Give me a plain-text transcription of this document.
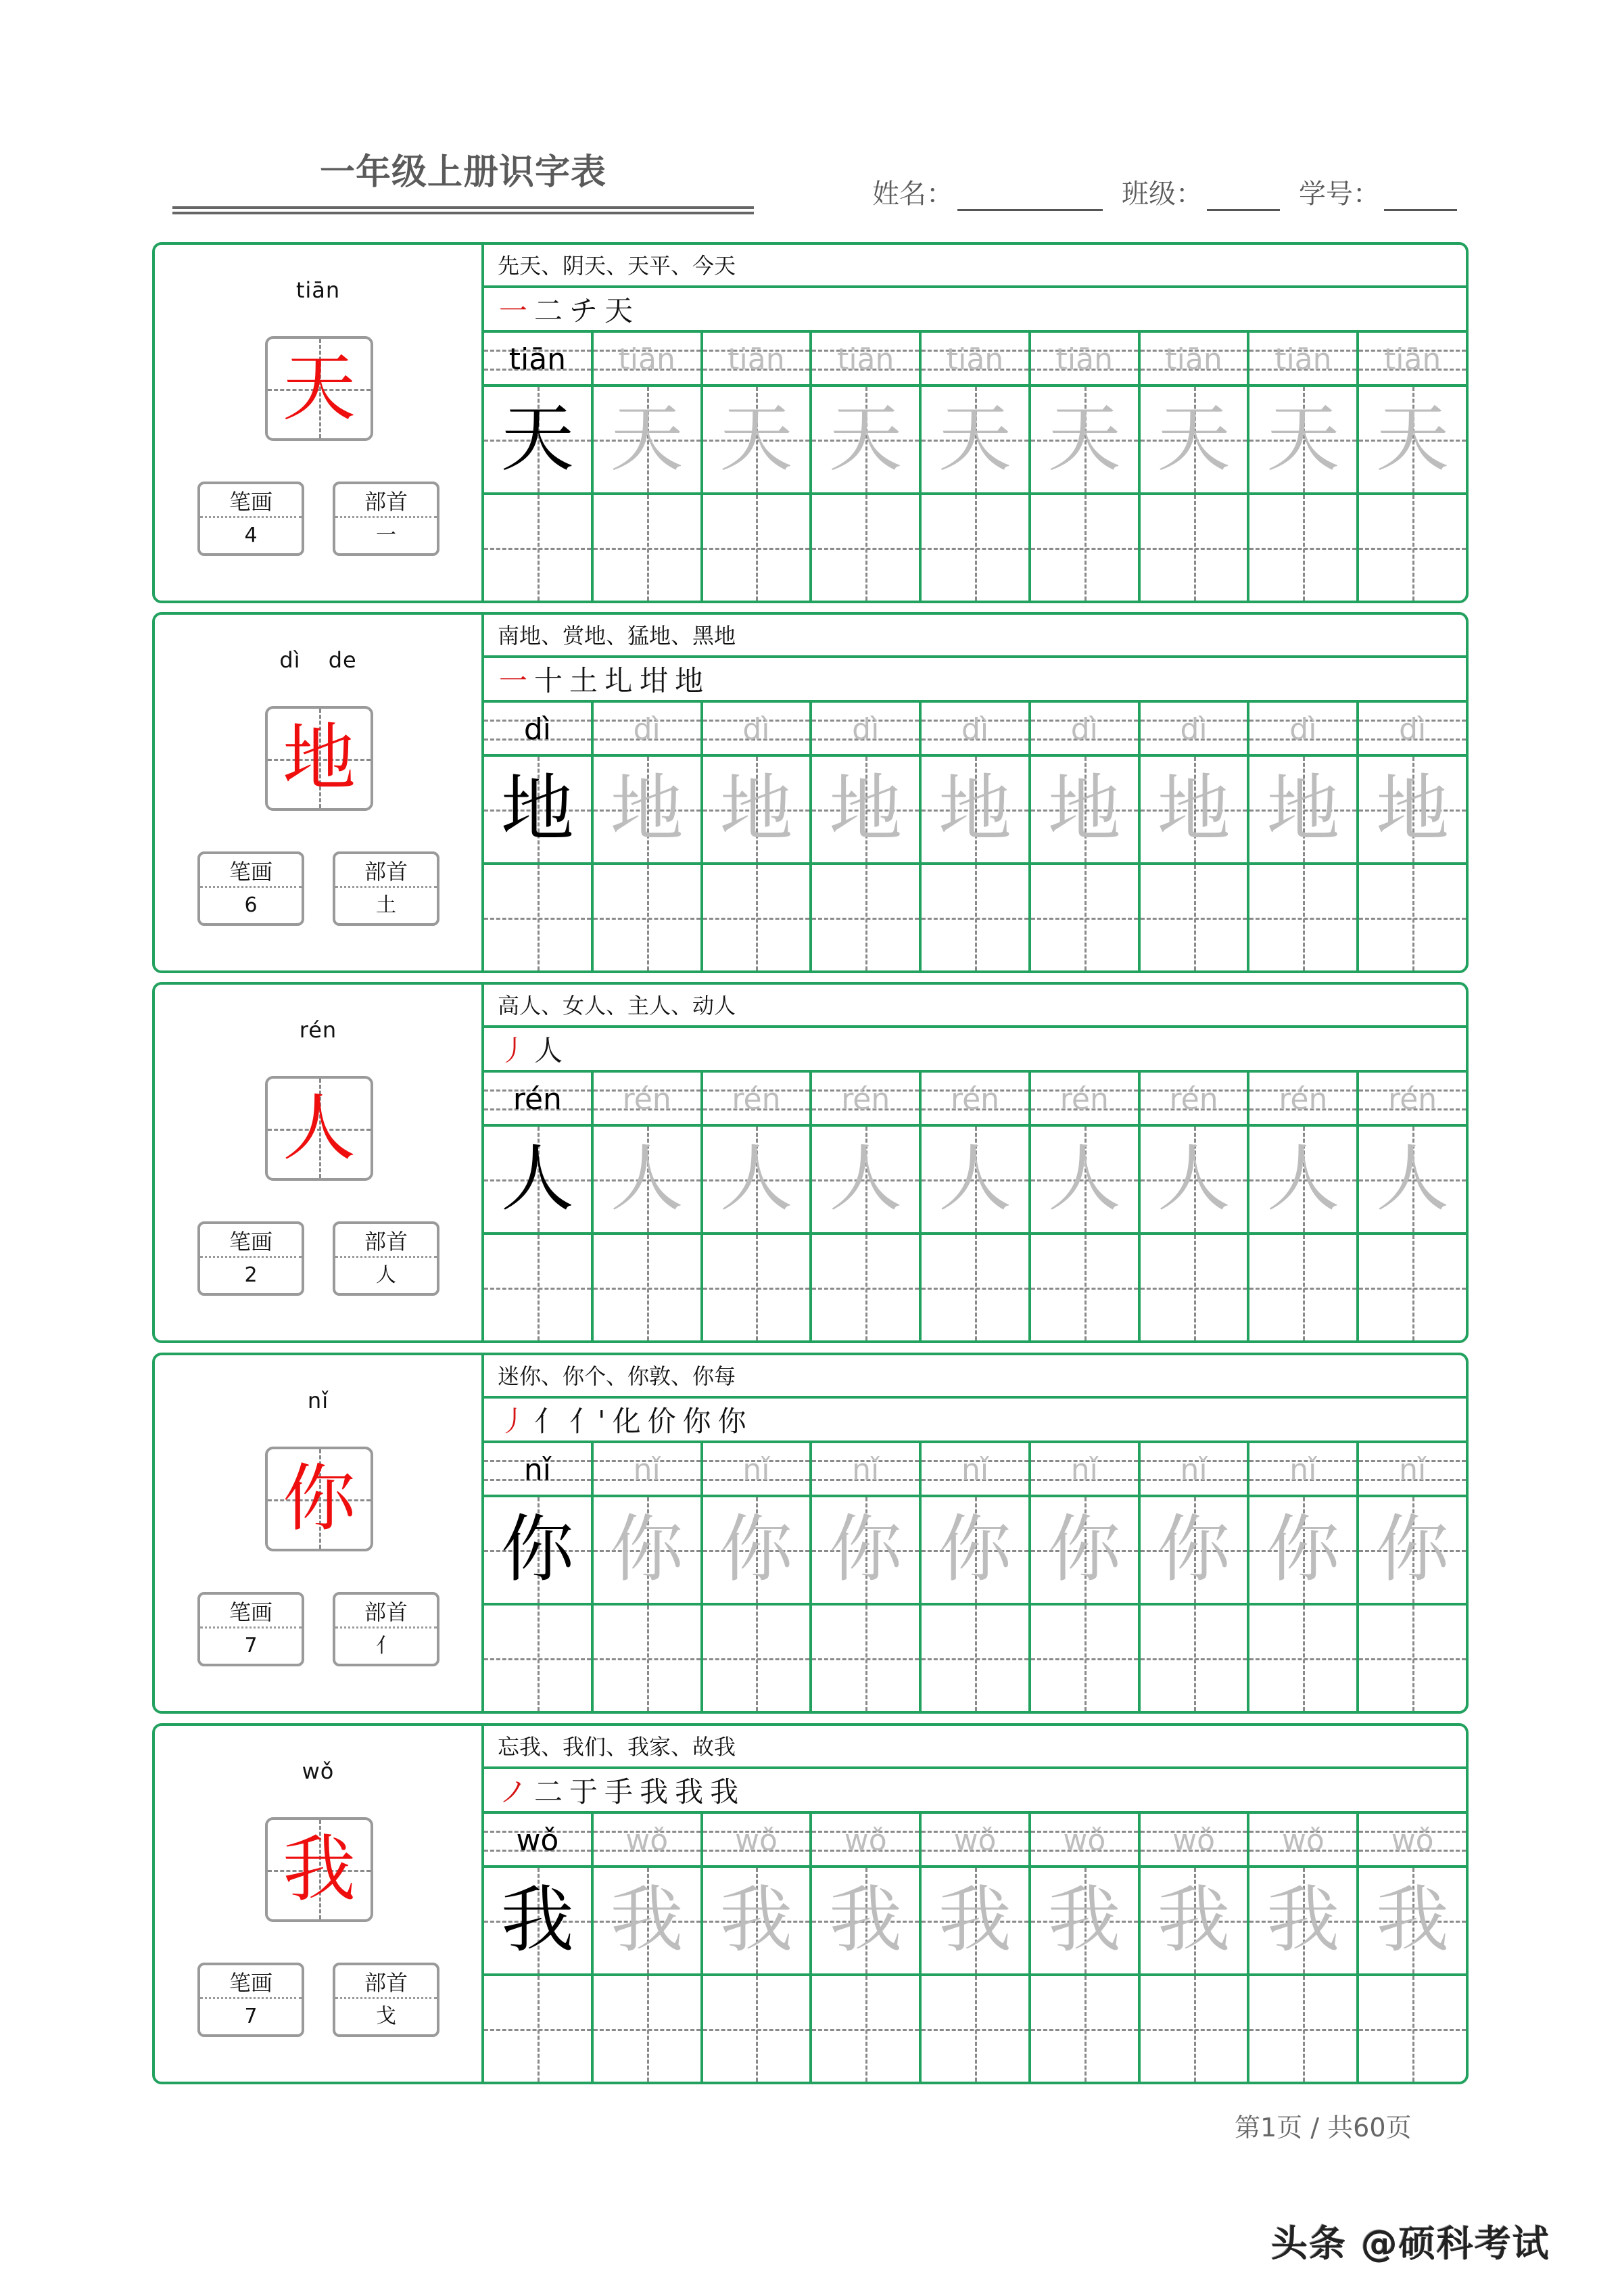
一年级上册识字表
姓名：	班级：	学号：
tiān
天
笔画
4
部首
一
先天、阴天、天平、今天
一 二 チ 天
tiān	tiān	tiān	tiān	tiān	tiān	tiān	tiān	tiān
天 天 天 天 天 天 天 天 天
dì de
地
笔画
6
部首
土
南地、赏地、猛地、黑地
一 十 土 圠 坩 地
dì	dì	dì	dì	dì	dì	dì	dì	dì
地 地 地 地 地 地 地 地 地
rén
人
笔画
2
部首
人
高人、女人、主人、动人
丿 人
rén	rén	rén	rén	rén	rén	rén	rén	rén
人 人 人 人 人 人 人 人 人
nǐ
你
笔画
7
部首
亻
迷你、你个、你敦、你每
丿 亻 亻' 化 价 你 你
nǐ	nǐ	nǐ	nǐ	nǐ	nǐ	nǐ	nǐ	nǐ
你 你 你 你 你 你 你 你 你
wǒ
我
笔画
7
部首
戈
忘我、我们、我家、故我
ノ 二 于 手 我 我 我
wǒ	wǒ	wǒ	wǒ	wǒ	wǒ	wǒ	wǒ	wǒ
我 我 我 我 我 我 我 我 我
第1页 / 共60页
头条 @硕科考试
